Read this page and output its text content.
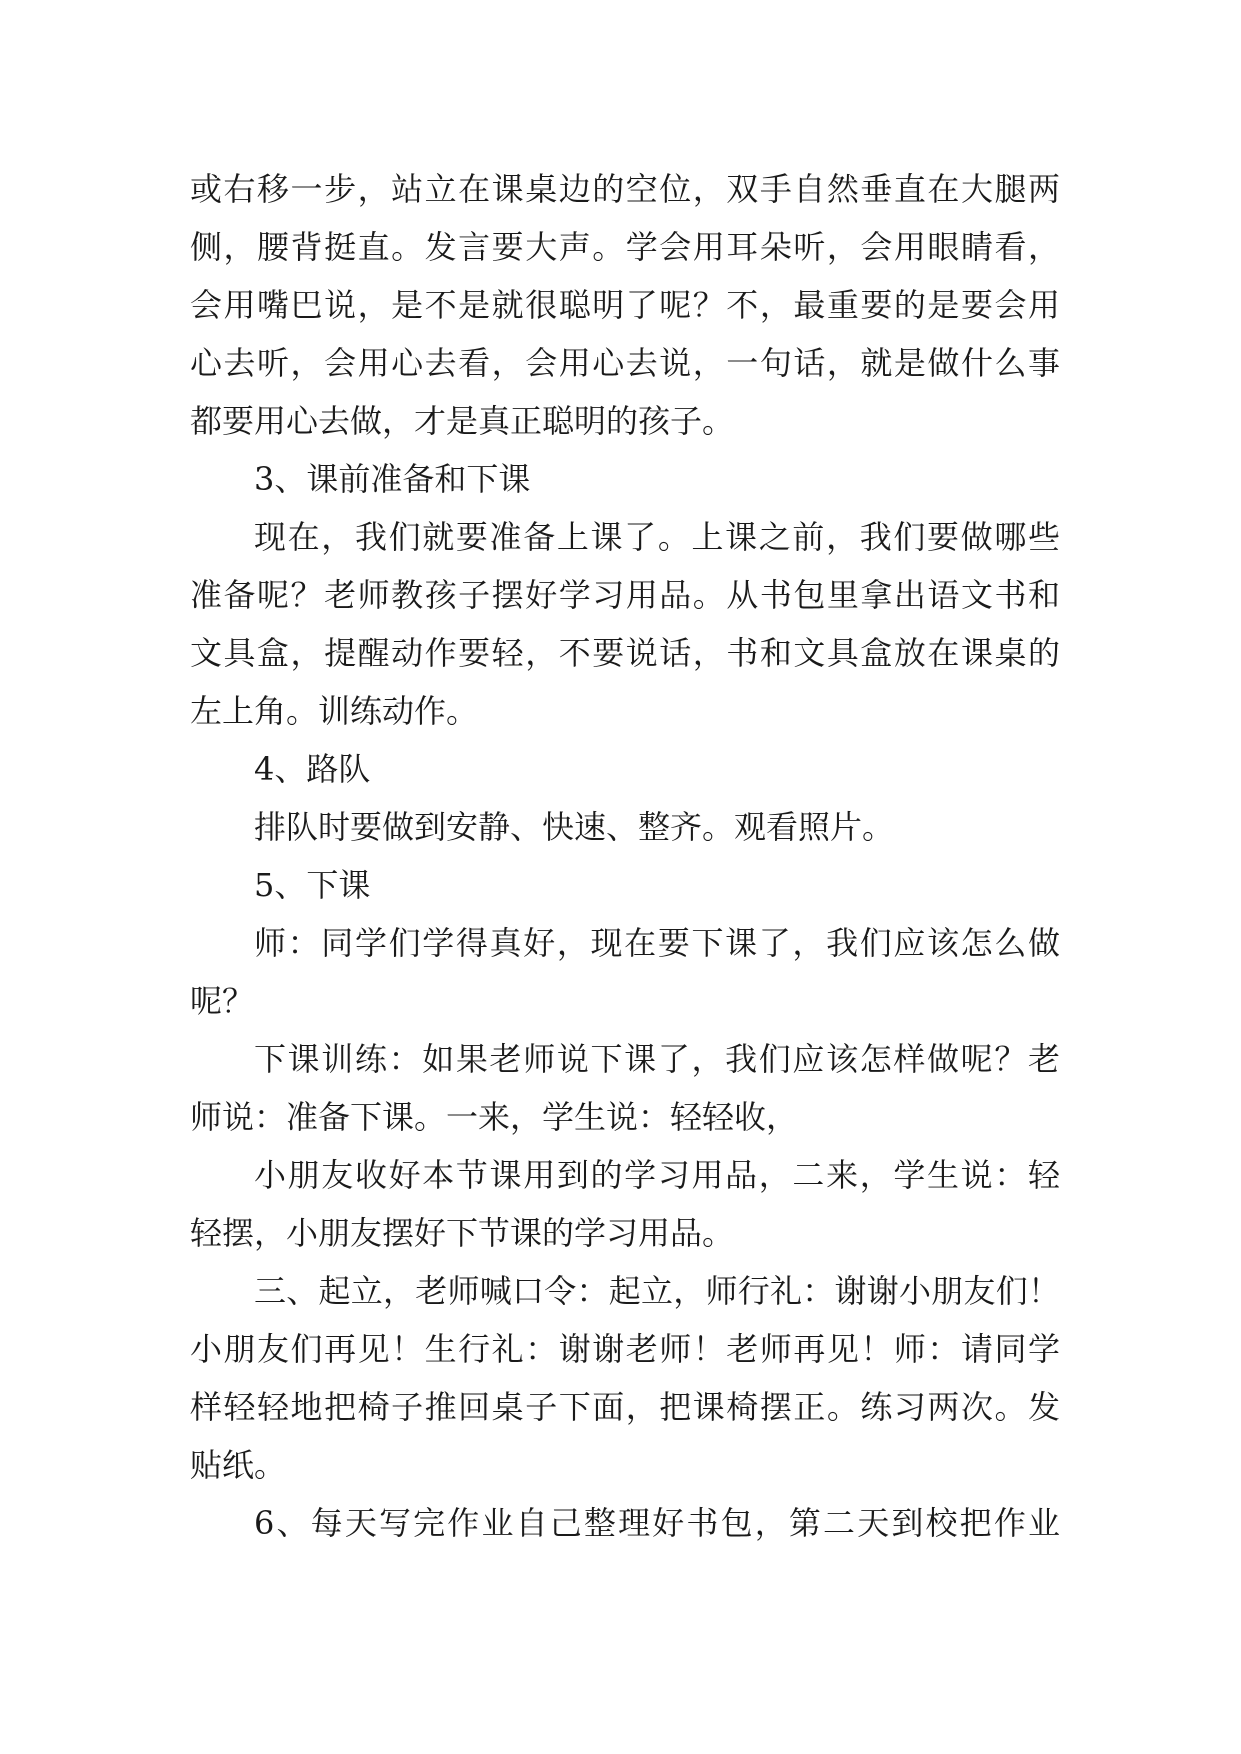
或右移一步，站立在课桌边的空位，双手自然垂直在大腿两
侧，腰背挺直。发言要大声。学会用耳朵听，会用眼睛看，
会用嘴巴说，是不是就很聪明了呢？不，最重要的是要会用
心去听，会用心去看，会用心去说，一句话，就是做什么事
都要用心去做，才是真正聪明的孩子。
3、课前准备和下课
现在，我们就要准备上课了。上课之前，我们要做哪些
准备呢？老师教孩子摆好学习用品。从书包里拿出语文书和
文具盒，提醒动作要轻，不要说话，书和文具盒放在课桌的
左上角。训练动作。
4、路队
排队时要做到安静、快速、整齐。观看照片。
5、下课
师：同学们学得真好，现在要下课了，我们应该怎么做
呢？
下课训练：如果老师说下课了，我们应该怎样做呢？老
师说：准备下课。一来，学生说：轻轻收，
小朋友收好本节课用到的学习用品，二来，学生说：轻
轻摆，小朋友摆好下节课的学习用品。
三、起立，老师喊口令：起立，师行礼：谢谢小朋友们！
小朋友们再见！生行礼：谢谢老师！老师再见！师：请同学
样轻轻地把椅子推回桌子下面，把课椅摆正。练习两次。发
贴纸。
6、每天写完作业自己整理好书包，第二天到校把作业
